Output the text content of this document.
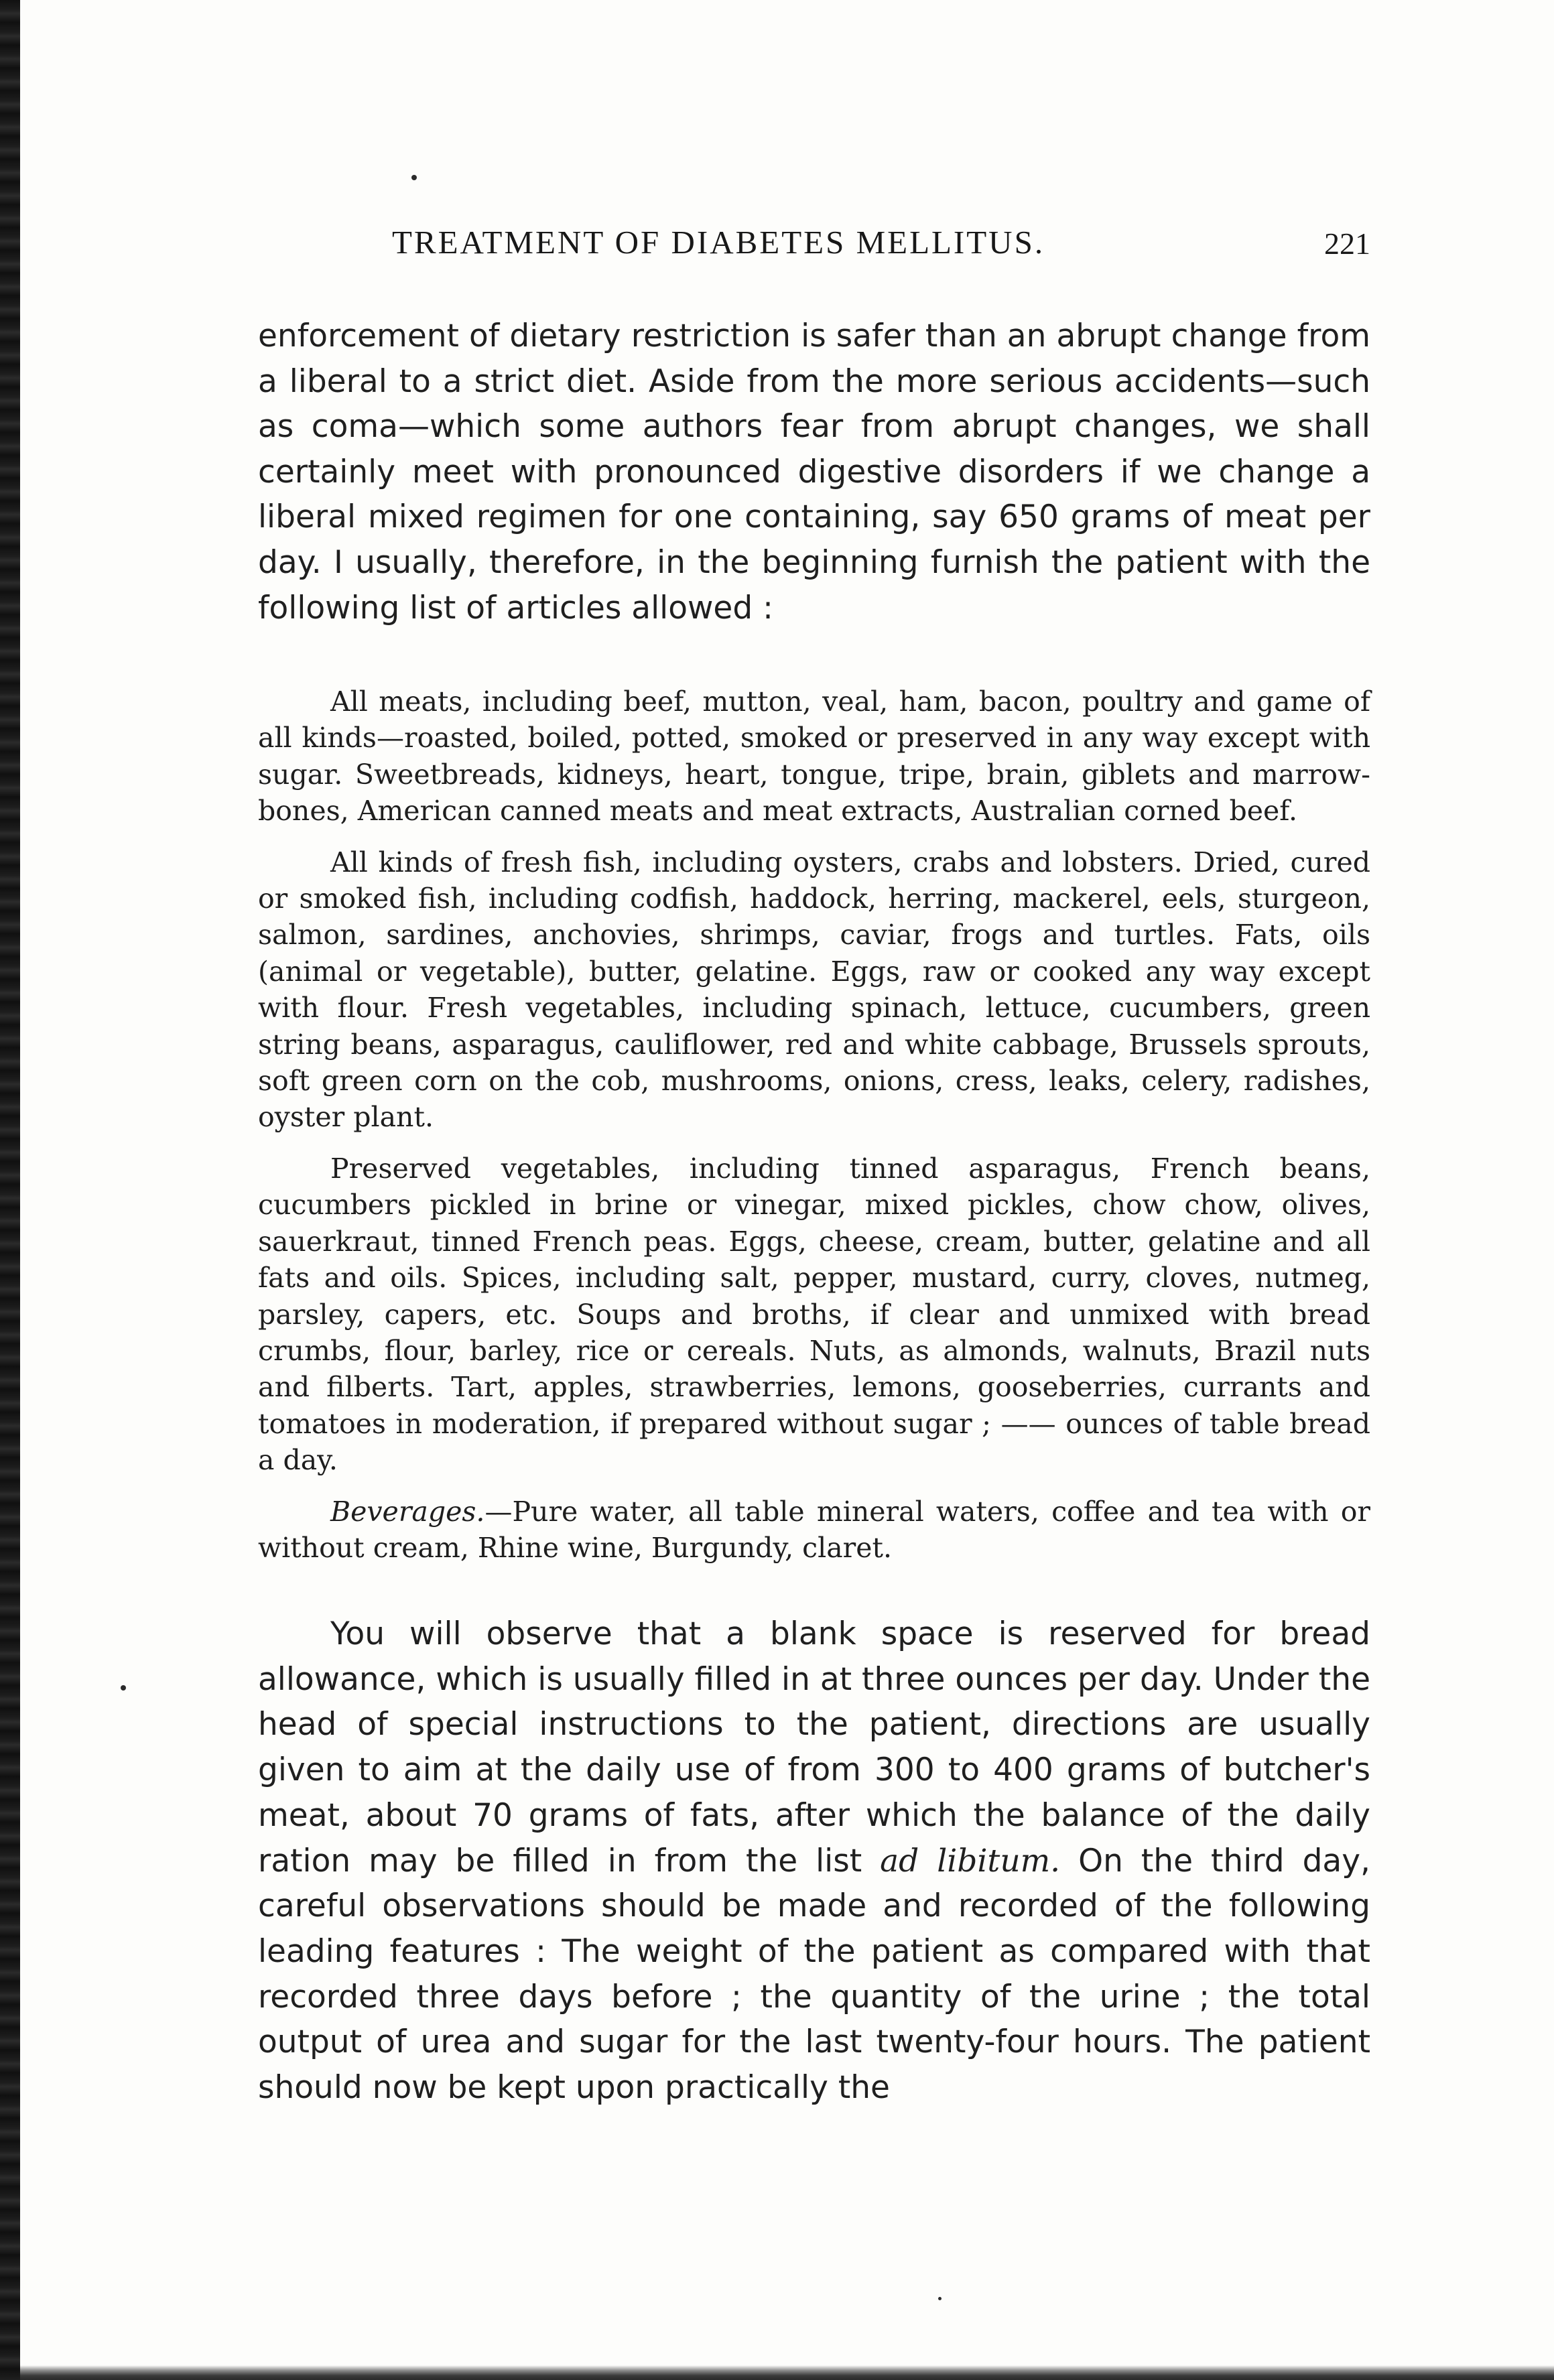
TREATMENT OF DIABETES MELLITUS.	221

enforcement of dietary restriction is safer than an abrupt change from a liberal to a strict diet. Aside from the more serious accidents—such as coma—which some authors fear from abrupt changes, we shall certainly meet with pronounced digestive disorders if we change a liberal mixed regimen for one containing, say 650 grams of meat per day. I usually, therefore, in the beginning furnish the patient with the following list of articles allowed :

All meats, including beef, mutton, veal, ham, bacon, poultry and game of all kinds—roasted, boiled, potted, smoked or preserved in any way except with sugar. Sweetbreads, kidneys, heart, tongue, tripe, brain, giblets and marrow-bones, American canned meats and meat extracts, Australian corned beef.

All kinds of fresh fish, including oysters, crabs and lobsters. Dried, cured or smoked fish, including codfish, haddock, herring, mackerel, eels, sturgeon, salmon, sardines, anchovies, shrimps, caviar, frogs and turtles. Fats, oils (animal or vegetable), butter, gelatine. Eggs, raw or cooked any way except with flour. Fresh vegetables, including spinach, lettuce, cucumbers, green string beans, asparagus, cauliflower, red and white cabbage, Brussels sprouts, soft green corn on the cob, mushrooms, onions, cress, leaks, celery, radishes, oyster plant.

Preserved vegetables, including tinned asparagus, French beans, cucumbers pickled in brine or vinegar, mixed pickles, chow chow, olives, sauerkraut, tinned French peas. Eggs, cheese, cream, butter, gelatine and all fats and oils. Spices, including salt, pepper, mustard, curry, cloves, nutmeg, parsley, capers, etc. Soups and broths, if clear and unmixed with bread crumbs, flour, barley, rice or cereals. Nuts, as almonds, walnuts, Brazil nuts and filberts. Tart, apples, strawberries, lemons, gooseberries, currants and tomatoes in moderation, if prepared without sugar ; —— ounces of table bread a day.

Beverages.—Pure water, all table mineral waters, coffee and tea with or without cream, Rhine wine, Burgundy, claret.

You will observe that a blank space is reserved for bread allowance, which is usually filled in at three ounces per day. Under the head of special instructions to the patient, directions are usually given to aim at the daily use of from 300 to 400 grams of butcher's meat, about 70 grams of fats, after which the balance of the daily ration may be filled in from the list ad libitum. On the third day, careful observations should be made and recorded of the following leading features : The weight of the patient as compared with that recorded three days before ; the quantity of the urine ; the total output of urea and sugar for the last twenty-four hours. The patient should now be kept upon practically the
